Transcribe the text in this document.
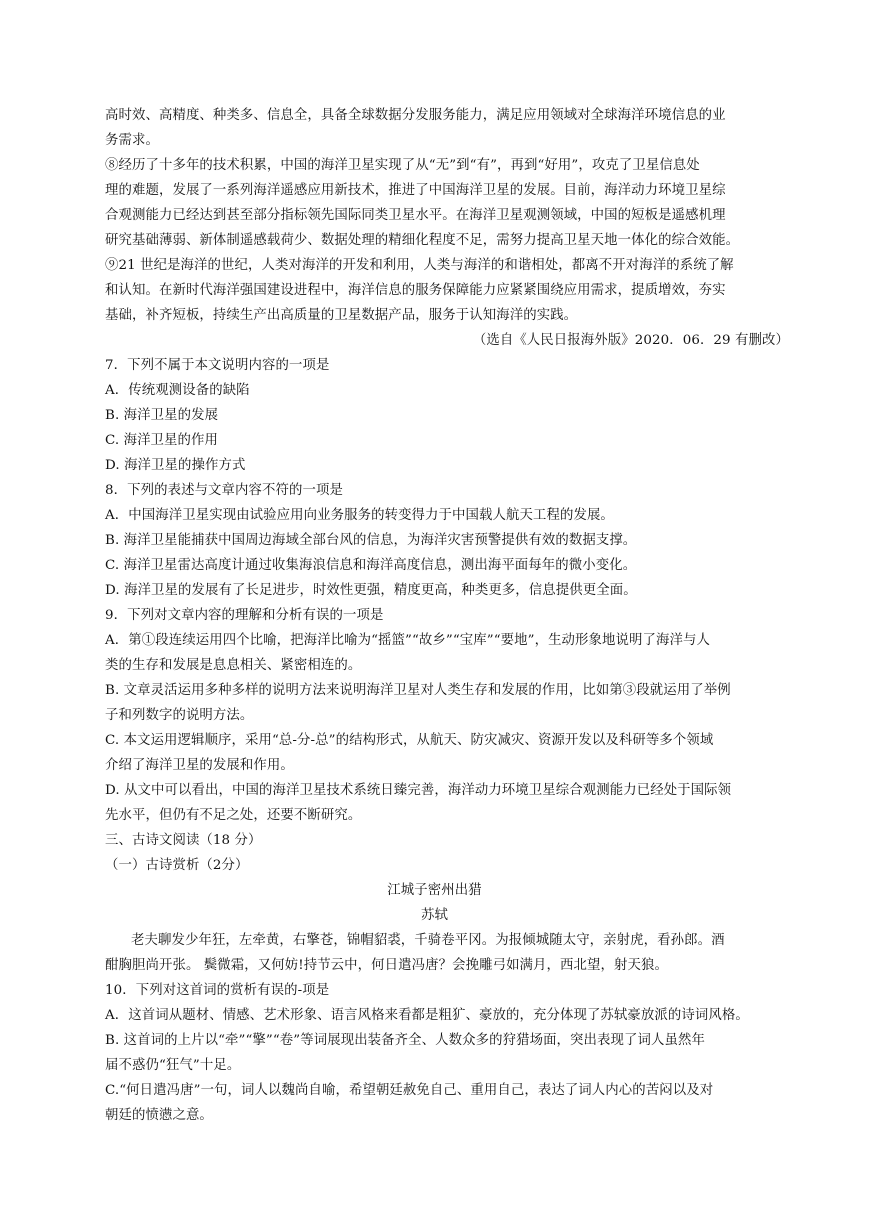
高时效、高精度、种类多、信息全，具备全球数据分发服务能力，满足应用领域对全球海洋环境信息的业
务需求。
⑧经历了十多年的技术积累，中国的海洋卫星实现了从“无”到“有”，再到“好用”，攻克了卫星信息处
理的难题，发展了一系列海洋遥感应用新技术，推进了中国海洋卫星的发展。目前，海洋动力环境卫星综
合观测能力已经达到甚至部分指标领先国际同类卫星水平。在海洋卫星观测领域，中国的短板是遥感机理
研究基础薄弱、新体制遥感载荷少、数据处理的精细化程度不足，需努力提高卫星天地一体化的综合效能。
⑨21 世纪是海洋的世纪，人类对海洋的开发和利用，人类与海洋的和谐相处，都离不开对海洋的系统了解
和认知。在新时代海洋强国建设进程中，海洋信息的服务保障能力应紧紧围绕应用需求，提质增效，夯实
基础，补齐短板，持续生产出高质量的卫星数据产品，服务于认知海洋的实践。
（选自《人民日报海外版》2020．06．29 有删改）
7．下列不属于本文说明内容的一项是
A．传统观测设备的缺陷
B. 海洋卫星的发展
C. 海洋卫星的作用
D. 海洋卫星的操作方式
8．下列的表述与文章内容不符的一项是
A．中国海洋卫星实现由试验应用向业务服务的转变得力于中国载人航天工程的发展。
B. 海洋卫星能捕获中国周边海域全部台风的信息，为海洋灾害预警提供有效的数据支撑。
C. 海洋卫星雷达高度计通过收集海浪信息和海洋高度信息，测出海平面每年的微小变化。
D. 海洋卫星的发展有了长足进步，时效性更强，精度更高，种类更多，信息提供更全面。
9．下列对文章内容的理解和分析有误的一项是
A．第①段连续运用四个比喻，把海洋比喻为“摇篮”“故乡”“宝库”“要地”，生动形象地说明了海洋与人
类的生存和发展是息息相关、紧密相连的。
B. 文章灵活运用多种多样的说明方法来说明海洋卫星对人类生存和发展的作用，比如第③段就运用了举例
子和列数字的说明方法。
C. 本文运用逻辑顺序，采用“总-分-总”的结构形式，从航天、防灾减灾、资源开发以及科研等多个领域
介绍了海洋卫星的发展和作用。
D. 从文中可以看出，中国的海洋卫星技术系统日臻完善，海洋动力环境卫星综合观测能力已经处于国际领
先水平，但仍有不足之处，还要不断研究。
三、古诗文阅读（18 分）
（一）古诗赏析（2分）
江城子密州出猎
苏轼
老夫聊发少年狂，左牵黄，右擎苍，锦帽貂裘，千骑卷平冈。为报倾城随太守，亲射虎，看孙郎。酒
酣胸胆尚开张。 鬓微霜，又何妨!持节云中，何日遣冯唐？会挽雕弓如满月，西北望，射天狼。
10．下列对这首词的赏析有误的-项是
A．这首词从题材、情感、艺术形象、语言风格来看都是粗犷、豪放的，充分体现了苏轼豪放派的诗词风格。
B. 这首词的上片以“牵”“擎”“卷”等词展现出装备齐全、人数众多的狩猎场面，突出表现了词人虽然年
届不惑仍“狂气”十足。
C.“何日遣冯唐”一句，词人以魏尚自喻，希望朝廷赦免自己、重用自己，表达了词人内心的苦闷以及对
朝廷的愤懑之意。
